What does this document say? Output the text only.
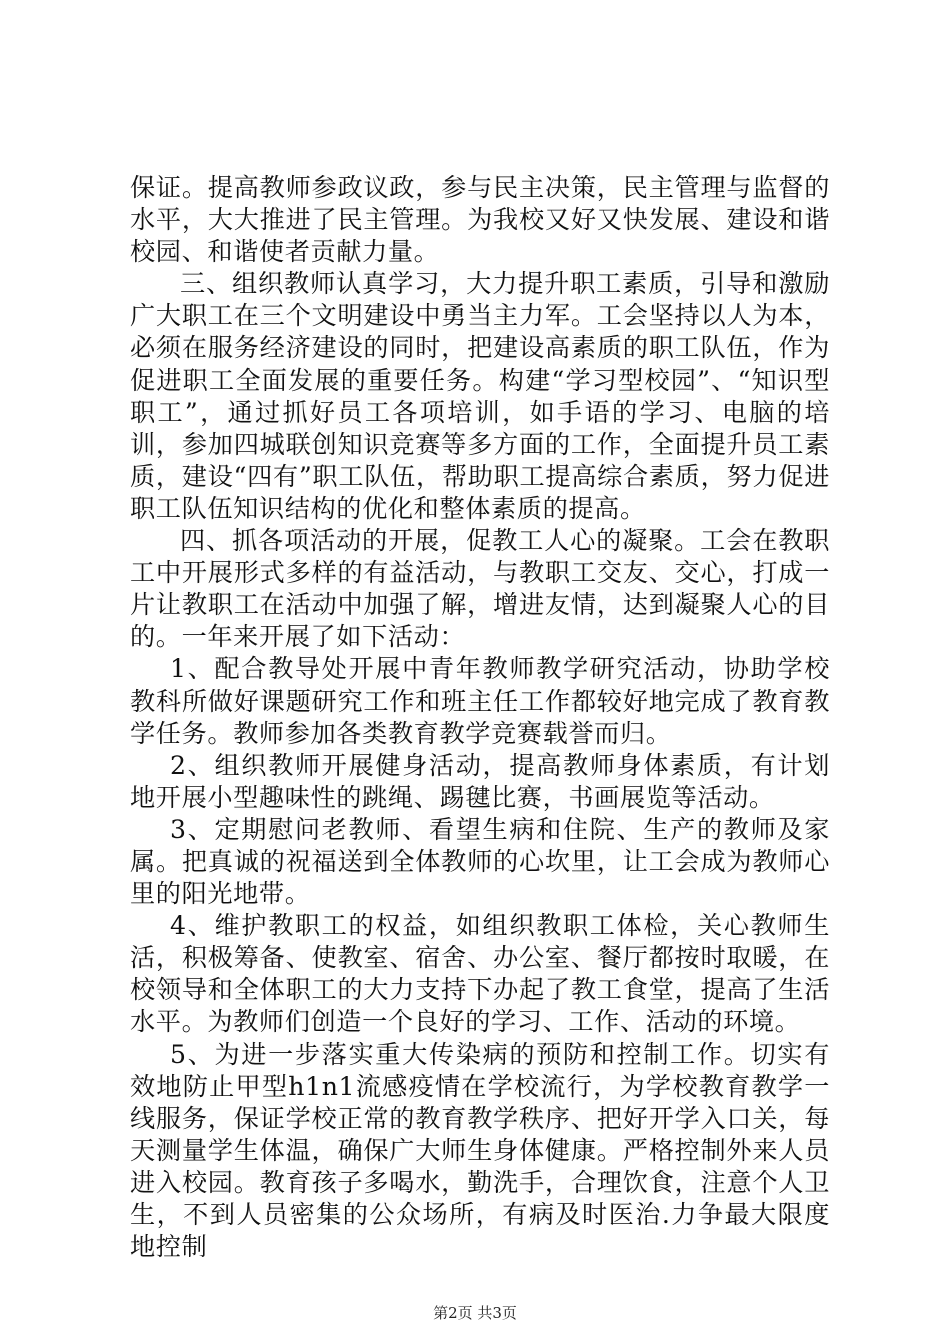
保证。提高教师参政议政，参与民主决策，民主管理与监督的水平，大大推进了民主管理。为我校又好又快发展、建设和谐校园、和谐使者贡献力量。

三、组织教师认真学习，大力提升职工素质，引导和激励广大职工在三个文明建设中勇当主力军。工会坚持以人为本，必须在服务经济建设的同时，把建设高素质的职工队伍，作为促进职工全面发展的重要任务。构建“学习型校园”、“知识型职工”，通过抓好员工各项培训，如手语的学习、电脑的培训，参加四城联创知识竞赛等多方面的工作，全面提升员工素质，建设“四有”职工队伍，帮助职工提高综合素质，努力促进职工队伍知识结构的优化和整体素质的提高。

四、抓各项活动的开展，促教工人心的凝聚。工会在教职工中开展形式多样的有益活动，与教职工交友、交心，打成一片让教职工在活动中加强了解，增进友情，达到凝聚人心的目的。一年来开展了如下活动：

1、配合教导处开展中青年教师教学研究活动，协助学校教科所做好课题研究工作和班主任工作都较好地完成了教育教学任务。教师参加各类教育教学竞赛载誉而归。

2、组织教师开展健身活动，提高教师身体素质，有计划地开展小型趣味性的跳绳、踢毽比赛，书画展览等活动。

3、定期慰问老教师、看望生病和住院、生产的教师及家属。把真诚的祝福送到全体教师的心坎里，让工会成为教师心里的阳光地带。

4、维护教职工的权益，如组织教职工体检，关心教师生活，积极筹备、使教室、宿舍、办公室、餐厅都按时取暖，在校领导和全体职工的大力支持下办起了教工食堂，提高了生活水平。为教师们创造一个良好的学习、工作、活动的环境。

5、为进一步落实重大传染病的预防和控制工作。切实有效地防止甲型h1n1流感疫情在学校流行，为学校教育教学一线服务，保证学校正常的教育教学秩序、把好开学入口关，每天测量学生体温，确保广大师生身体健康。严格控制外来人员进入校园。教育孩子多喝水，勤洗手，合理饮食，注意个人卫生，不到人员密集的公众场所，有病及时医治.力争最大限度地控制

第2页 共3页
